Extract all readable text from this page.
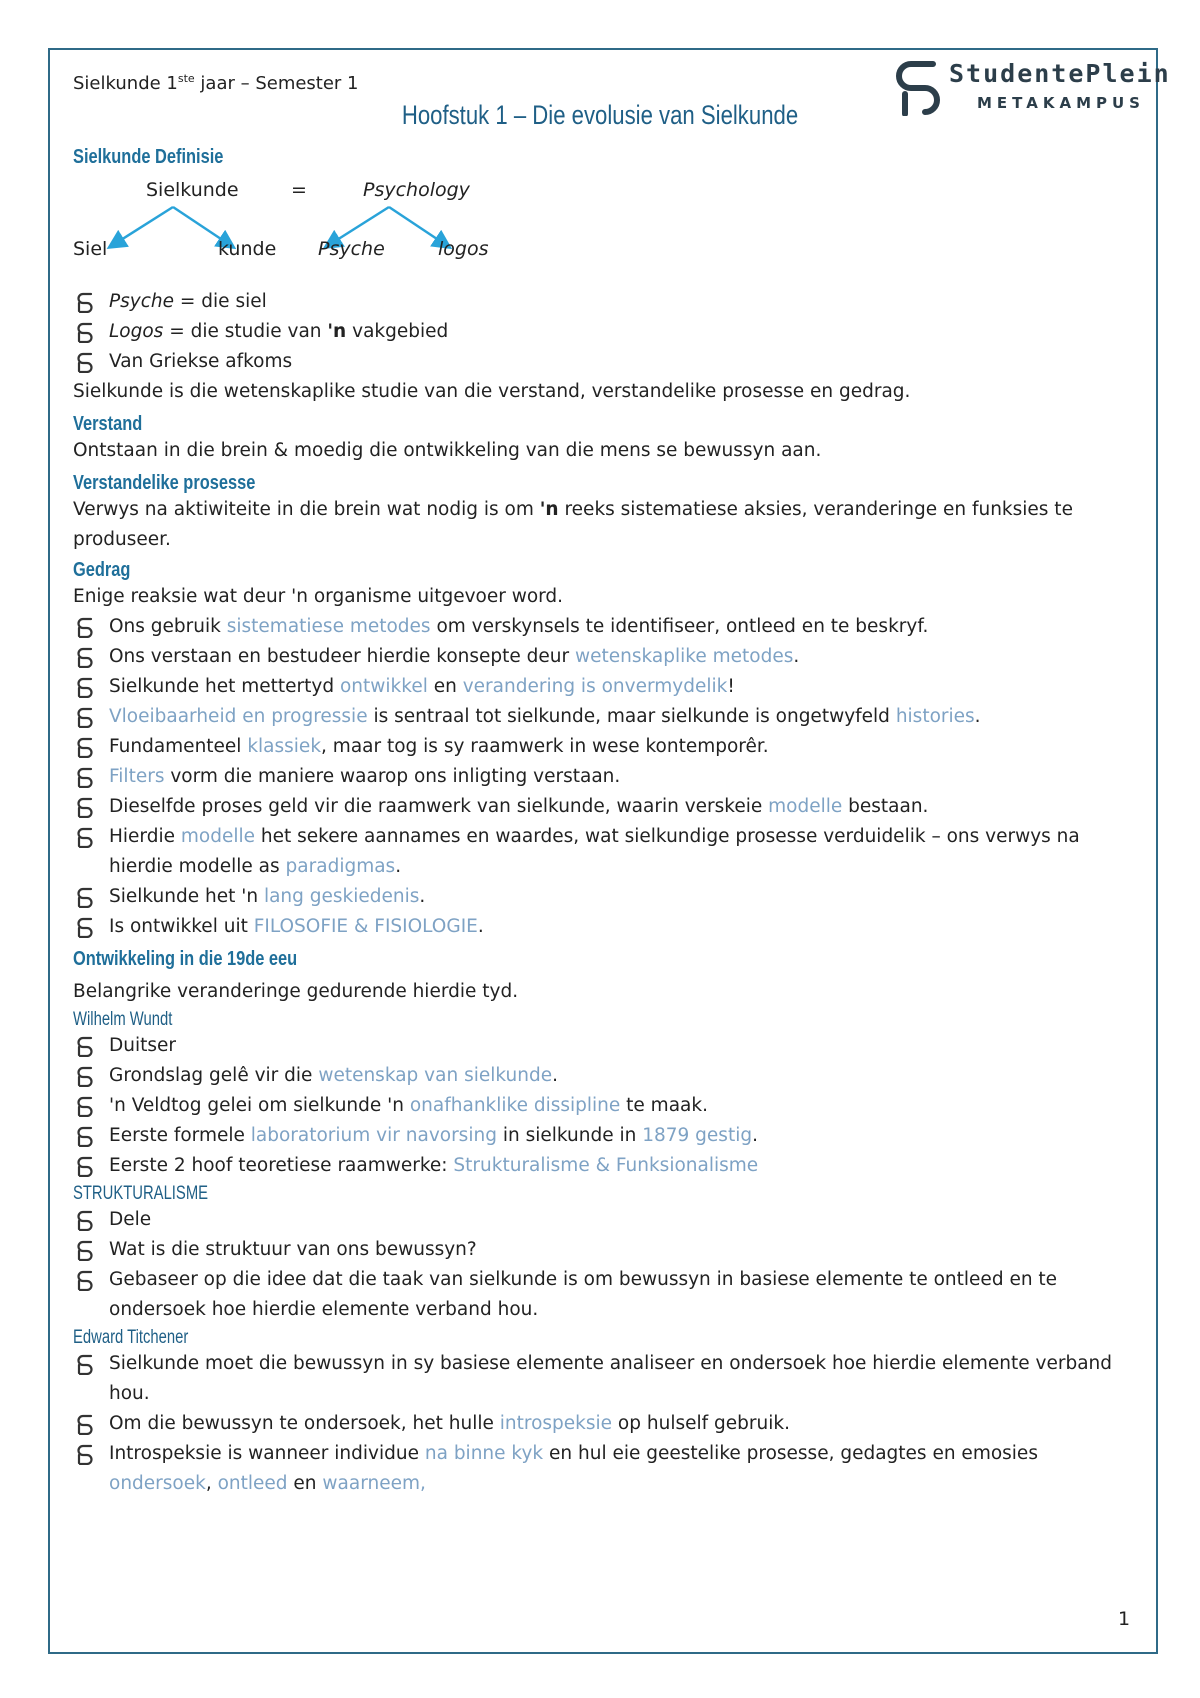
Sielkunde 1ste jaar – Semester 1	StudentePlein
METAKAMPUS
Hoofstuk 1 – Die evolusie van Sielkunde
Sielkunde Definisie
Sielkunde	=	Psychology
Siel	kunde Psyche	logos
Psyche = die siel
Logos = die studie van 'n vakgebied
Van Griekse afkoms

Sielkunde is die wetenskaplike studie van die verstand, verstandelike prosesse en gedrag.

Verstand

Ontstaan in die brein & moedig die ontwikkeling van die mens se bewussyn aan.

Verstandelike prosesse

Verwys na aktiwiteite in die brein wat nodig is om 'n reeks sistematiese aksies, veranderinge en funksies te produseer.

Gedrag

Enige reaksie wat deur 'n organisme uitgevoer word.

Ons gebruik sistematiese metodes om verskynsels te identifiseer, ontleed en te beskryf.
Ons verstaan en bestudeer hierdie konsepte deur wetenskaplike metodes.
Sielkunde het mettertyd ontwikkel en verandering is onvermydelik!
Vloeibaarheid en progressie is sentraal tot sielkunde, maar sielkunde is ongetwyfeld histories.
Fundamenteel klassiek, maar tog is sy raamwerk in wese kontemporêr.
Filters vorm die maniere waarop ons inligting verstaan.
Dieselfde proses geld vir die raamwerk van sielkunde, waarin verskeie modelle bestaan.
Hierdie modelle het sekere aannames en waardes, wat sielkundige prosesse verduidelik – ons verwys na hierdie modelle as paradigmas.
Sielkunde het 'n lang geskiedenis.
Is ontwikkel uit FILOSOFIE & FISIOLOGIE.
Ontwikkeling in die 19de eeu

Belangrike veranderinge gedurende hierdie tyd.

Wilhelm Wundt
Duitser
Grondslag gelê vir die wetenskap van sielkunde.
'n Veldtog gelei om sielkunde 'n onafhanklike dissipline te maak.
Eerste formele laboratorium vir navorsing in sielkunde in 1879 gestig.
Eerste 2 hoof teoretiese raamwerke: Strukturalisme & Funksionalisme
STRUKTURALISME
Dele
Wat is die struktuur van ons bewussyn?
Gebaseer op die idee dat die taak van sielkunde is om bewussyn in basiese elemente te ontleed en te ondersoek hoe hierdie elemente verband hou.
Edward Titchener
Sielkunde moet die bewussyn in sy basiese elemente analiseer en ondersoek hoe hierdie elemente verband hou.
Om die bewussyn te ondersoek, het hulle introspeksie op hulself gebruik.
Introspeksie is wanneer individue na binne kyk en hul eie geestelike prosesse, gedagtes en emosies ondersoek, ontleed en waarneem,
1
